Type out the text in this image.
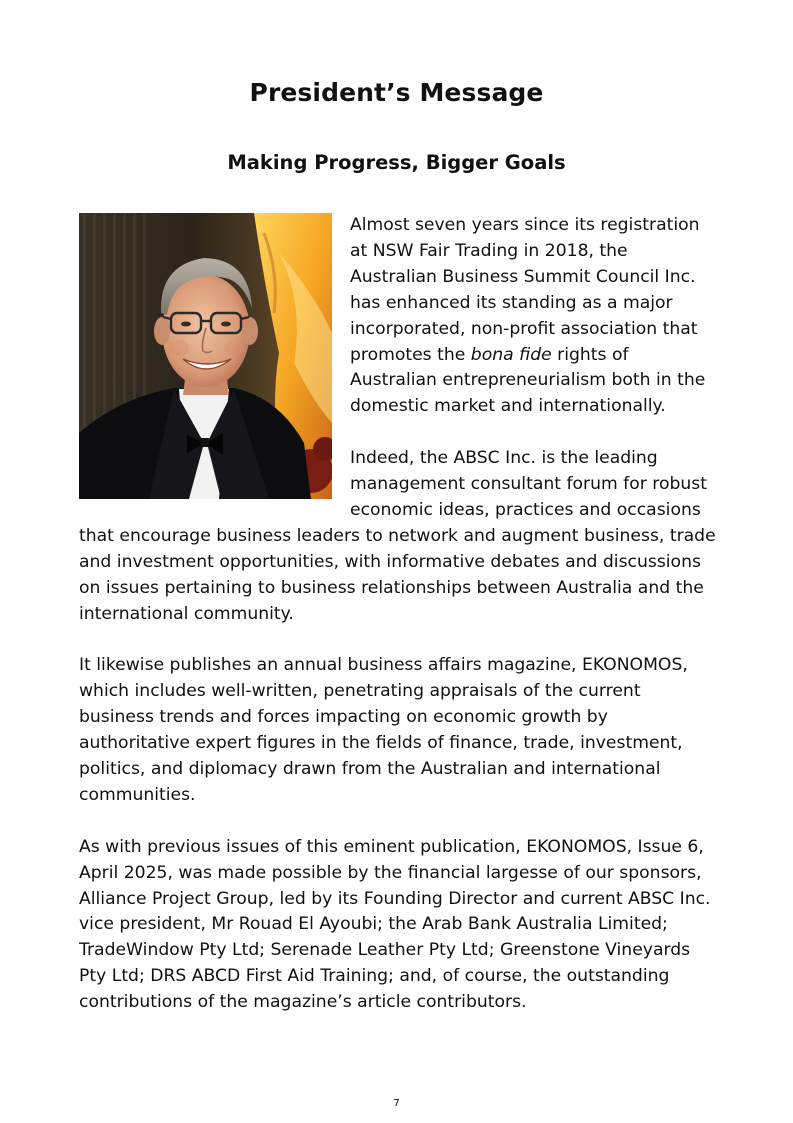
President’s Message
Making Progress, Bigger Goals

Almost seven years since its registration at NSW Fair Trading in 2018, the Australian Business Summit Council Inc. has enhanced its standing as a major incorporated, non-profit association that promotes the bona fide rights of Australian entrepreneurialism both in the domestic market and internationally.

Indeed, the ABSC Inc. is the leading management consultant forum for robust economic ideas, practices and occasions that encourage business leaders to network and augment business, trade and investment opportunities, with informative debates and discussions on issues pertaining to business relationships between Australia and the international community.

It likewise publishes an annual business affairs magazine, EKONOMOS, which includes well-written, penetrating appraisals of the current business trends and forces impacting on economic growth by authoritative expert figures in the fields of finance, trade, investment, politics, and diplomacy drawn from the Australian and international communities.

As with previous issues of this eminent publication, EKONOMOS, Issue 6, April 2025, was made possible by the financial largesse of our sponsors, Alliance Project Group, led by its Founding Director and current ABSC Inc. vice president, Mr Rouad El Ayoubi; the Arab Bank Australia Limited; TradeWindow Pty Ltd; Serenade Leather Pty Ltd; Greenstone Vineyards Pty Ltd; DRS ABCD First Aid Training; and, of course, the outstanding contributions of the magazine’s article contributors.

7
